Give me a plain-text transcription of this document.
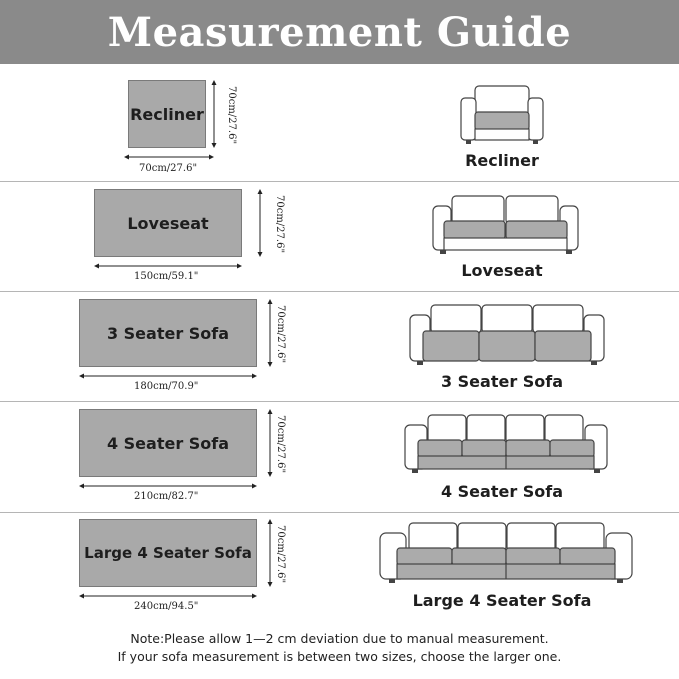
Measurement Guide
Recliner
70cm/27.6"
70cm/27.6"
Recliner
Loveseat
150cm/59.1"
70cm/27.6"
Loveseat
3 Seater Sofa
180cm/70.9"
70cm/27.6"
3 Seater Sofa
4 Seater Sofa
210cm/82.7"
70cm/27.6"
4 Seater Sofa
Large 4 Seater Sofa
240cm/94.5"
70cm/27.6"
Large 4 Seater Sofa
Note:Please allow 1—2 cm deviation due to manual measurement.
If your sofa measurement is between two sizes, choose the larger one.
